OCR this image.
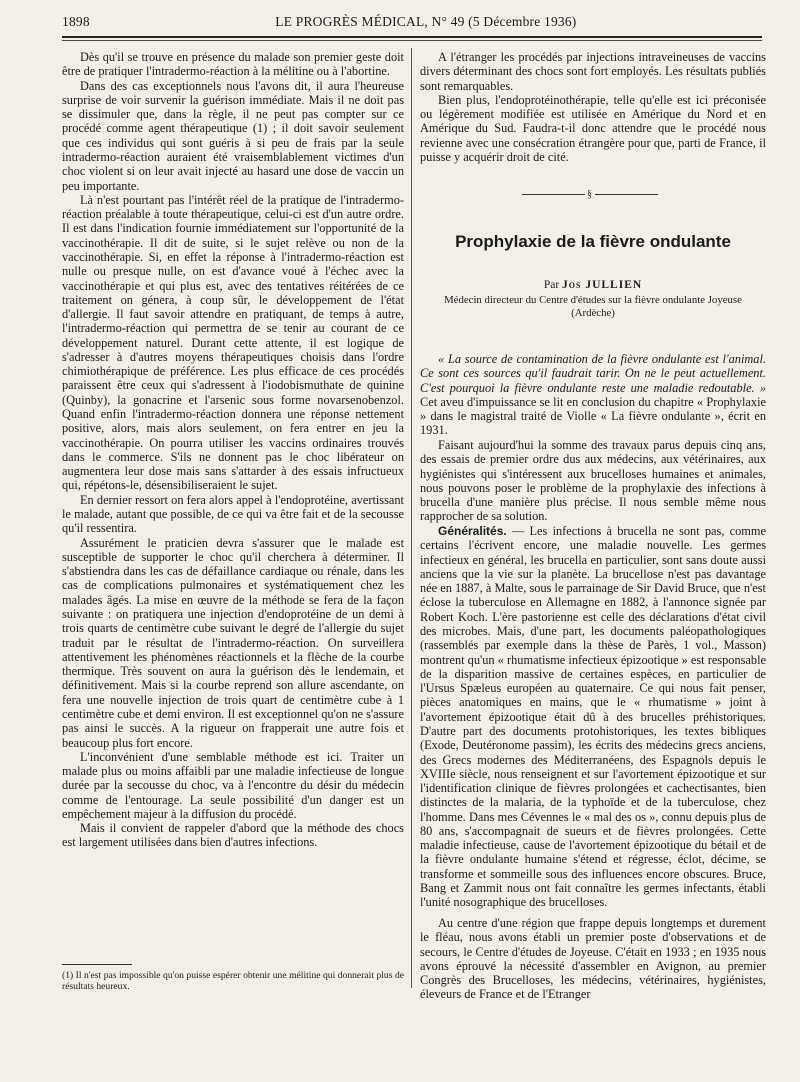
1898	LE PROGRÈS MÉDICAL, N° 49 (5 Décembre 1936)

Dès qu'il se trouve en présence du malade son premier geste doit être de pratiquer l'intradermo-réaction à la mélitine ou à l'abortine.

Dans des cas exceptionnels nous l'avons dit, il aura l'heureuse surprise de voir survenir la guérison immédiate. Mais il ne doit pas se dissimuler que, dans la règle, il ne peut pas compter sur ce procédé comme agent thérapeutique (1) ; il doit savoir seulement que ces individus qui sont guéris à si peu de frais par la seule intradermo-réaction auraient été vraisemblablement victimes d'un choc violent si on leur avait injecté au hasard une dose de vaccin un peu importante.

Là n'est pourtant pas l'intérêt réel de la pratique de l'intradermo-réaction préalable à toute thérapeutique, celui-ci est d'un autre ordre. Il est dans l'indication fournie immédiatement sur l'opportunité de la vaccinothérapie. Il dit de suite, si le sujet relève ou non de la vaccinothérapie. Si, en effet la réponse à l'intradermo-réaction est nulle ou presque nulle, on est d'avance voué à l'échec avec la vaccinothérapie et qui plus est, avec des tentatives réitérées de ce traitement on génera, à coup sûr, le développement de l'état d'allergie. Il faut savoir attendre en pratiquant, de temps à autre, l'intradermo-réaction qui permettra de se tenir au courant de ce développement naturel. Durant cette attente, il est logique de s'adresser à d'autres moyens thérapeutiques choisis dans l'ordre chimiothérapique de préférence. Les plus efficace de ces procédés paraissent être ceux qui s'adressent à l'iodobismuthate de quinine (Quinby), la gonacrine et l'arsenic sous forme novarsenobenzol. Quand enfin l'intradermo-réaction donnera une réponse nettement positive, alors, mais alors seulement, on fera entrer en jeu la vaccinothérapie. On pourra utiliser les vaccins ordinaires trouvés dans le commerce. S'ils ne donnent pas le choc libérateur on augmentera leur dose mais sans s'attarder à des essais infructueux qui, répétons-le, désensibiliseraient le sujet.

En dernier ressort on fera alors appel à l'endoprotéine, avertissant le malade, autant que possible, de ce qui va être fait et de la secousse qu'il ressentira.

Assurément le praticien devra s'assurer que le malade est susceptible de supporter le choc qu'il cherchera à déterminer. Il s'abstiendra dans les cas de défaillance cardiaque ou rénale, dans les cas de complications pulmonaires et systématiquement chez les malades âgés. La mise en œuvre de la méthode se fera de la façon suivante : on pratiquera une injection d'endoprotéine de un demi à trois quarts de centimètre cube suivant le degré de l'allergie du sujet traduit par le résultat de l'intradermo-réaction. On surveillera attentivement les phénomènes réactionnels et la flèche de la courbe thermique. Très souvent on aura la guérison dès le lendemain, et définitivement. Mais si la courbe reprend son allure ascendante, on fera une nouvelle injection de trois quart de centimètre cube à 1 centimètre cube et demi environ. Il est exceptionnel qu'on ne s'assure pas ainsi le succès. A la rigueur on frapperait une autre fois et beaucoup plus fort encore.

L'inconvénient d'une semblable méthode est ici. Traiter un malade plus ou moins affaibli par une maladie infectieuse de longue durée par la secousse du choc, va à l'encontre du désir du médecin comme de l'entourage. La seule possibilité d'un danger est un empêchement majeur à la diffusion du procédé.

Mais il convient de rappeler d'abord que la méthode des chocs est largement utilisées dans bien d'autres infections.

(1) Il n'est pas impossible qu'on puisse espérer obtenir une mélitine qui donnerait plus de résultats heureux.

A l'étranger les procédés par injections intraveineuses de vaccins divers déterminant des chocs sont fort employés. Les résultats publiés sont remarquables.

Bien plus, l'endoprotéinothérapie, telle qu'elle est ici préconisée ou légèrement modifiée est utilisée en Amérique du Nord et en Amérique du Sud. Faudra-t-il donc attendre que le procédé nous revienne avec une consécration étrangère pour que, parti de France, il puisse y acquérir droit de cité.

§
Prophylaxie de la fièvre ondulante
Par Jos JULLIEN
Médecin directeur du Centre d'études sur la fièvre ondulante Joyeuse (Ardèche)

« La source de contamination de la fièvre ondulante est l'animal. Ce sont ces sources qu'il faudrait tarir. On ne le peut actuellement. C'est pourquoi la fièvre ondulante reste une maladie redoutable. » Cet aveu d'impuissance se lit en conclusion du chapitre « Prophylaxie » dans le magistral traité de Violle « La fièvre ondulante », écrit en 1931.

Faisant aujourd'hui la somme des travaux parus depuis cinq ans, des essais de premier ordre dus aux médecins, aux vétérinaires, aux hygiénistes qui s'intéressent aux brucelloses humaines et animales, nous pouvons poser le problème de la prophylaxie des infections à brucella d'une manière plus précise. Il nous semble même nous rapprocher de sa solution.

Généralités. — Les infections à brucella ne sont pas, comme certains l'écrivent encore, une maladie nouvelle. Les germes infectieux en général, les brucella en particulier, sont sans doute aussi anciens que la vie sur la planète. La brucellose n'est pas davantage née en 1887, à Malte, sous le parrainage de Sir David Bruce, que n'est éclose la tuberculose en Allemagne en 1882, à l'annonce signée par Robert Koch. L'ère pastorienne est celle des déclarations d'état civil des microbes. Mais, d'une part, les documents paléopathologiques (rassemblés par exemple dans la thèse de Parès, 1 vol., Masson) montrent qu'un « rhumatisme infectieux épizootique » est responsable de la disparition massive de certaines espèces, en particulier de l'Ursus Spæleus européen au quaternaire. Ce qui nous fait penser, pièces anatomiques en mains, que le « rhumatisme » joint à l'avortement épizootique était dû à des brucelles préhistoriques. D'autre part des documents protohistoriques, les textes bibliques (Exode, Deutéronome passim), les écrits des médecins grecs anciens, des Grecs modernes des Méditerranéens, des Espagnols depuis le XVIIIe siècle, nous renseignent et sur l'avortement épizootique et sur l'identification clinique de fièvres prolongées et cachectisantes, bien distinctes de la malaria, de la typhoïde et de la tuberculose, chez l'homme. Dans mes Cévennes le « mal des os », connu depuis plus de 80 ans, s'accompagnait de sueurs et de fièvres prolongées. Cette maladie infectieuse, cause de l'avortement épizootique du bétail et de la fièvre ondulante humaine s'étend et régresse, éclot, décime, se transforme et sommeille sous des influences encore obscures. Bruce, Bang et Zammit nous ont fait connaître les germes infectants, établi l'unité nosographique des brucelloses.

Au centre d'une région que frappe depuis longtemps et durement le fléau, nous avons établi un premier poste d'observations et de secours, le Centre d'études de Joyeuse. C'était en 1933 ; en 1935 nous avons éprouvé la nécessité d'assembler en Avignon, au premier Congrès des Brucelloses, les médecins, vétérinaires, hygiénistes, éleveurs de France et de l'Etranger
